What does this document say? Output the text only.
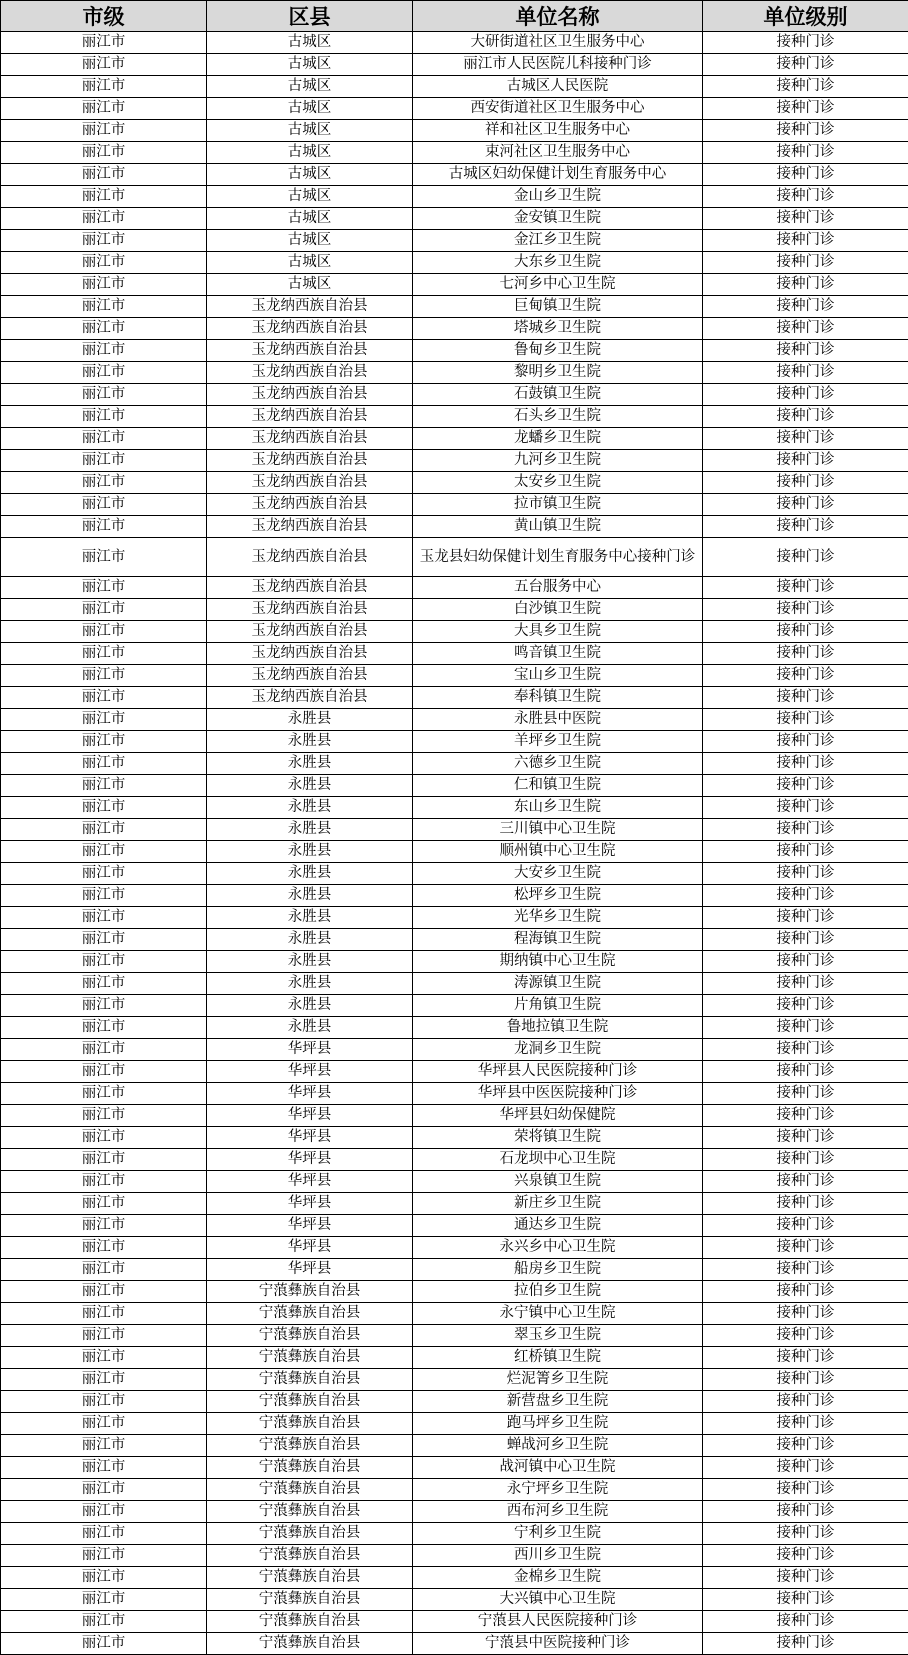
市级	区县	单位名称	单位级别
丽江市	古城区	大研街道社区卫生服务中心	接种门诊
丽江市	古城区	丽江市人民医院儿科接种门诊	接种门诊
丽江市	古城区	古城区人民医院	接种门诊
丽江市	古城区	西安街道社区卫生服务中心	接种门诊
丽江市	古城区	祥和社区卫生服务中心	接种门诊
丽江市	古城区	束河社区卫生服务中心	接种门诊
丽江市	古城区	古城区妇幼保健计划生育服务中心	接种门诊
丽江市	古城区	金山乡卫生院	接种门诊
丽江市	古城区	金安镇卫生院	接种门诊
丽江市	古城区	金江乡卫生院	接种门诊
丽江市	古城区	大东乡卫生院	接种门诊
丽江市	古城区	七河乡中心卫生院	接种门诊
丽江市	玉龙纳西族自治县	巨甸镇卫生院	接种门诊
丽江市	玉龙纳西族自治县	塔城乡卫生院	接种门诊
丽江市	玉龙纳西族自治县	鲁甸乡卫生院	接种门诊
丽江市	玉龙纳西族自治县	黎明乡卫生院	接种门诊
丽江市	玉龙纳西族自治县	石鼓镇卫生院	接种门诊
丽江市	玉龙纳西族自治县	石头乡卫生院	接种门诊
丽江市	玉龙纳西族自治县	龙蟠乡卫生院	接种门诊
丽江市	玉龙纳西族自治县	九河乡卫生院	接种门诊
丽江市	玉龙纳西族自治县	太安乡卫生院	接种门诊
丽江市	玉龙纳西族自治县	拉市镇卫生院	接种门诊
丽江市	玉龙纳西族自治县	黄山镇卫生院	接种门诊
丽江市	玉龙纳西族自治县	玉龙县妇幼保健计划生育服务中心接种门诊	接种门诊
丽江市	玉龙纳西族自治县	五台服务中心	接种门诊
丽江市	玉龙纳西族自治县	白沙镇卫生院	接种门诊
丽江市	玉龙纳西族自治县	大具乡卫生院	接种门诊
丽江市	玉龙纳西族自治县	鸣音镇卫生院	接种门诊
丽江市	玉龙纳西族自治县	宝山乡卫生院	接种门诊
丽江市	玉龙纳西族自治县	奉科镇卫生院	接种门诊
丽江市	永胜县	永胜县中医院	接种门诊
丽江市	永胜县	羊坪乡卫生院	接种门诊
丽江市	永胜县	六德乡卫生院	接种门诊
丽江市	永胜县	仁和镇卫生院	接种门诊
丽江市	永胜县	东山乡卫生院	接种门诊
丽江市	永胜县	三川镇中心卫生院	接种门诊
丽江市	永胜县	顺州镇中心卫生院	接种门诊
丽江市	永胜县	大安乡卫生院	接种门诊
丽江市	永胜县	松坪乡卫生院	接种门诊
丽江市	永胜县	光华乡卫生院	接种门诊
丽江市	永胜县	程海镇卫生院	接种门诊
丽江市	永胜县	期纳镇中心卫生院	接种门诊
丽江市	永胜县	涛源镇卫生院	接种门诊
丽江市	永胜县	片角镇卫生院	接种门诊
丽江市	永胜县	鲁地拉镇卫生院	接种门诊
丽江市	华坪县	龙洞乡卫生院	接种门诊
丽江市	华坪县	华坪县人民医院接种门诊	接种门诊
丽江市	华坪县	华坪县中医医院接种门诊	接种门诊
丽江市	华坪县	华坪县妇幼保健院	接种门诊
丽江市	华坪县	荣将镇卫生院	接种门诊
丽江市	华坪县	石龙坝中心卫生院	接种门诊
丽江市	华坪县	兴泉镇卫生院	接种门诊
丽江市	华坪县	新庄乡卫生院	接种门诊
丽江市	华坪县	通达乡卫生院	接种门诊
丽江市	华坪县	永兴乡中心卫生院	接种门诊
丽江市	华坪县	船房乡卫生院	接种门诊
丽江市	宁蒗彝族自治县	拉伯乡卫生院	接种门诊
丽江市	宁蒗彝族自治县	永宁镇中心卫生院	接种门诊
丽江市	宁蒗彝族自治县	翠玉乡卫生院	接种门诊
丽江市	宁蒗彝族自治县	红桥镇卫生院	接种门诊
丽江市	宁蒗彝族自治县	烂泥箐乡卫生院	接种门诊
丽江市	宁蒗彝族自治县	新营盘乡卫生院	接种门诊
丽江市	宁蒗彝族自治县	跑马坪乡卫生院	接种门诊
丽江市	宁蒗彝族自治县	蝉战河乡卫生院	接种门诊
丽江市	宁蒗彝族自治县	战河镇中心卫生院	接种门诊
丽江市	宁蒗彝族自治县	永宁坪乡卫生院	接种门诊
丽江市	宁蒗彝族自治县	西布河乡卫生院	接种门诊
丽江市	宁蒗彝族自治县	宁利乡卫生院	接种门诊
丽江市	宁蒗彝族自治县	西川乡卫生院	接种门诊
丽江市	宁蒗彝族自治县	金棉乡卫生院	接种门诊
丽江市	宁蒗彝族自治县	大兴镇中心卫生院	接种门诊
丽江市	宁蒗彝族自治县	宁蒗县人民医院接种门诊	接种门诊
丽江市	宁蒗彝族自治县	宁蒗县中医院接种门诊	接种门诊
